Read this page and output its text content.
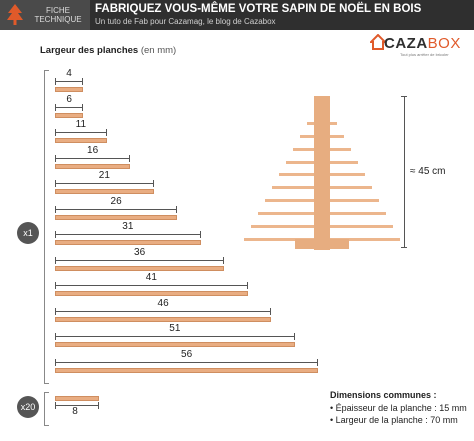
FICHE
TECHNIQUE
FABRIQUEZ VOUS-MÊME VOTRE SAPIN DE NOËL EN BOIS
Un tuto de Fab pour Cazamag, le blog de Cazabox
CAZABOX
Tout plus arrêter de bricoler
Largeur des planches (en mm)
x1
x20
4
6
11
16
21
26
31
36
41
46
51
56
8
≈ 45 cm
Dimensions communes :
• Épaisseur de la planche : 15 mm
• Largeur de la planche : 70 mm
